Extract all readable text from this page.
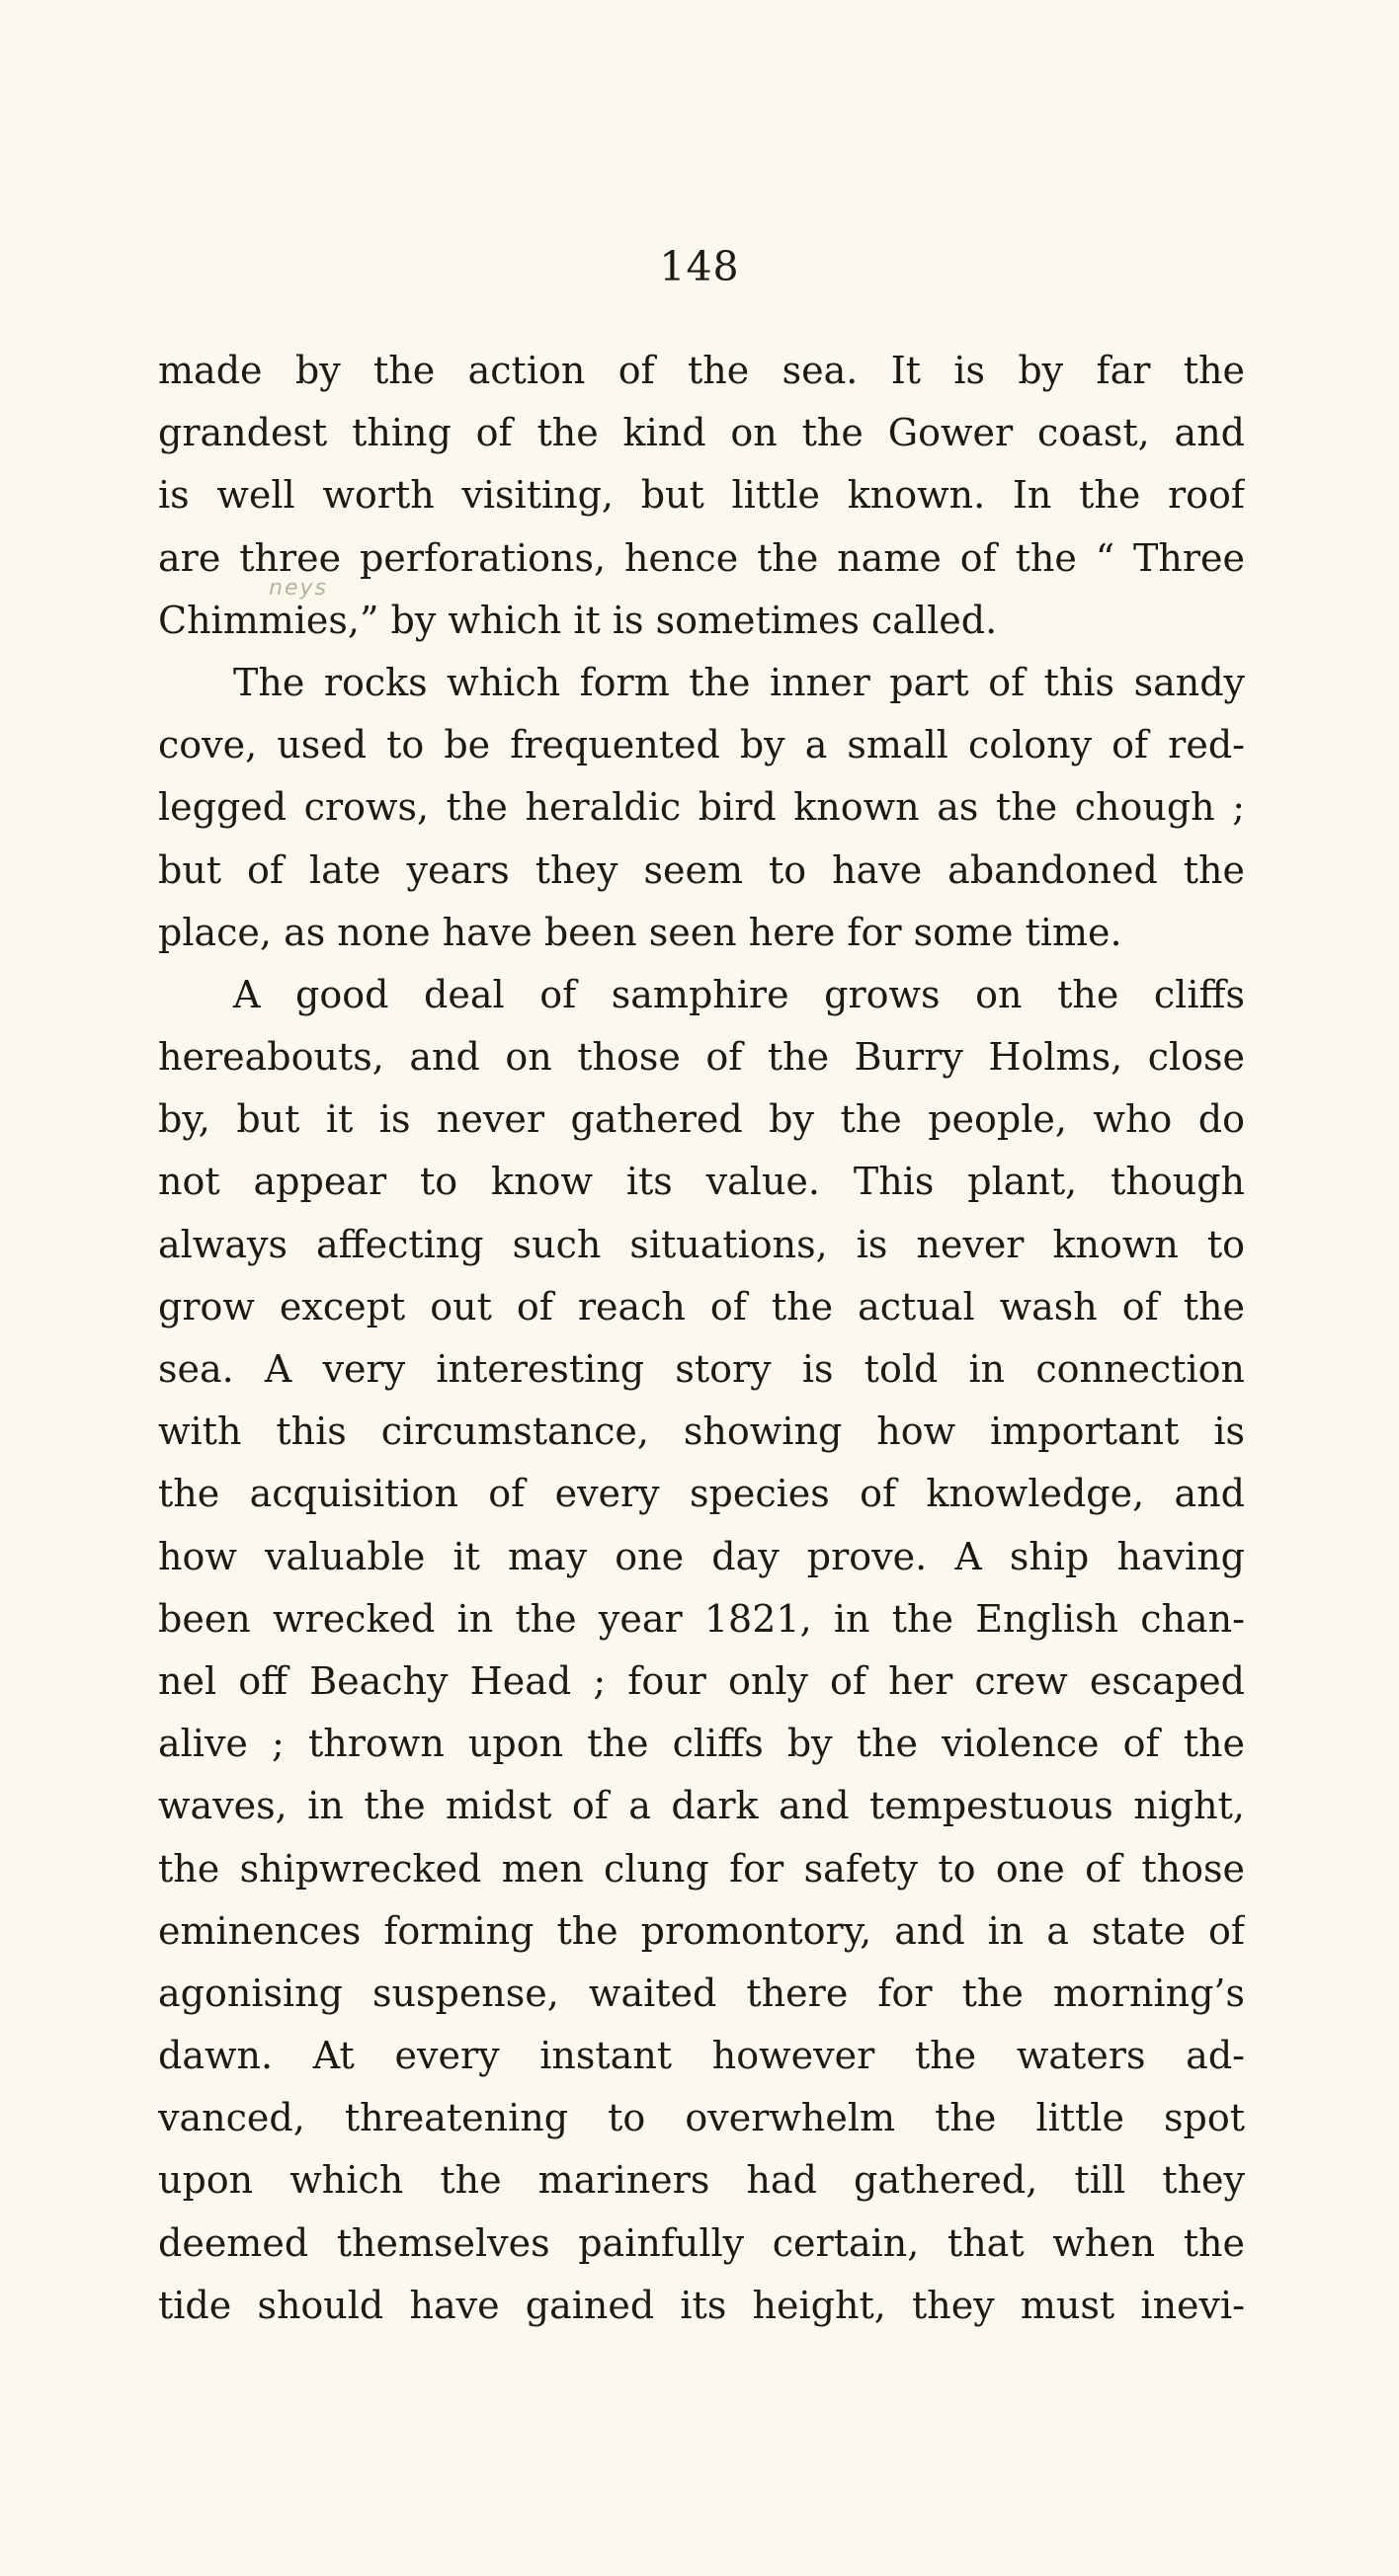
148
neys
made by the action of the sea. It is by far the
grandest thing of the kind on the Gower coast, and
is well worth visiting, but little known. In the roof
are three perforations, hence the name of the “ Three
Chimmies,” by which it is sometimes called.
The rocks which form the inner part of this sandy
cove, used to be frequented by a small colony of red-
legged crows, the heraldic bird known as the chough ;
but of late years they seem to have abandoned the
place, as none have been seen here for some time.
A good deal of samphire grows on the cliffs
hereabouts, and on those of the Burry Holms, close
by, but it is never gathered by the people, who do
not appear to know its value. This plant, though
always affecting such situations, is never known to
grow except out of reach of the actual wash of the
sea. A very interesting story is told in connection
with this circumstance, showing how important is
the acquisition of every species of knowledge, and
how valuable it may one day prove. A ship having
been wrecked in the year 1821, in the English chan-
nel off Beachy Head ; four only of her crew escaped
alive ; thrown upon the cliffs by the violence of the
waves, in the midst of a dark and tempestuous night,
the shipwrecked men clung for safety to one of those
eminences forming the promontory, and in a state of
agonising suspense, waited there for the morning’s
dawn. At every instant however the waters ad-
vanced, threatening to overwhelm the little spot
upon which the mariners had gathered, till they
deemed themselves painfully certain, that when the
tide should have gained its height, they must inevi-
